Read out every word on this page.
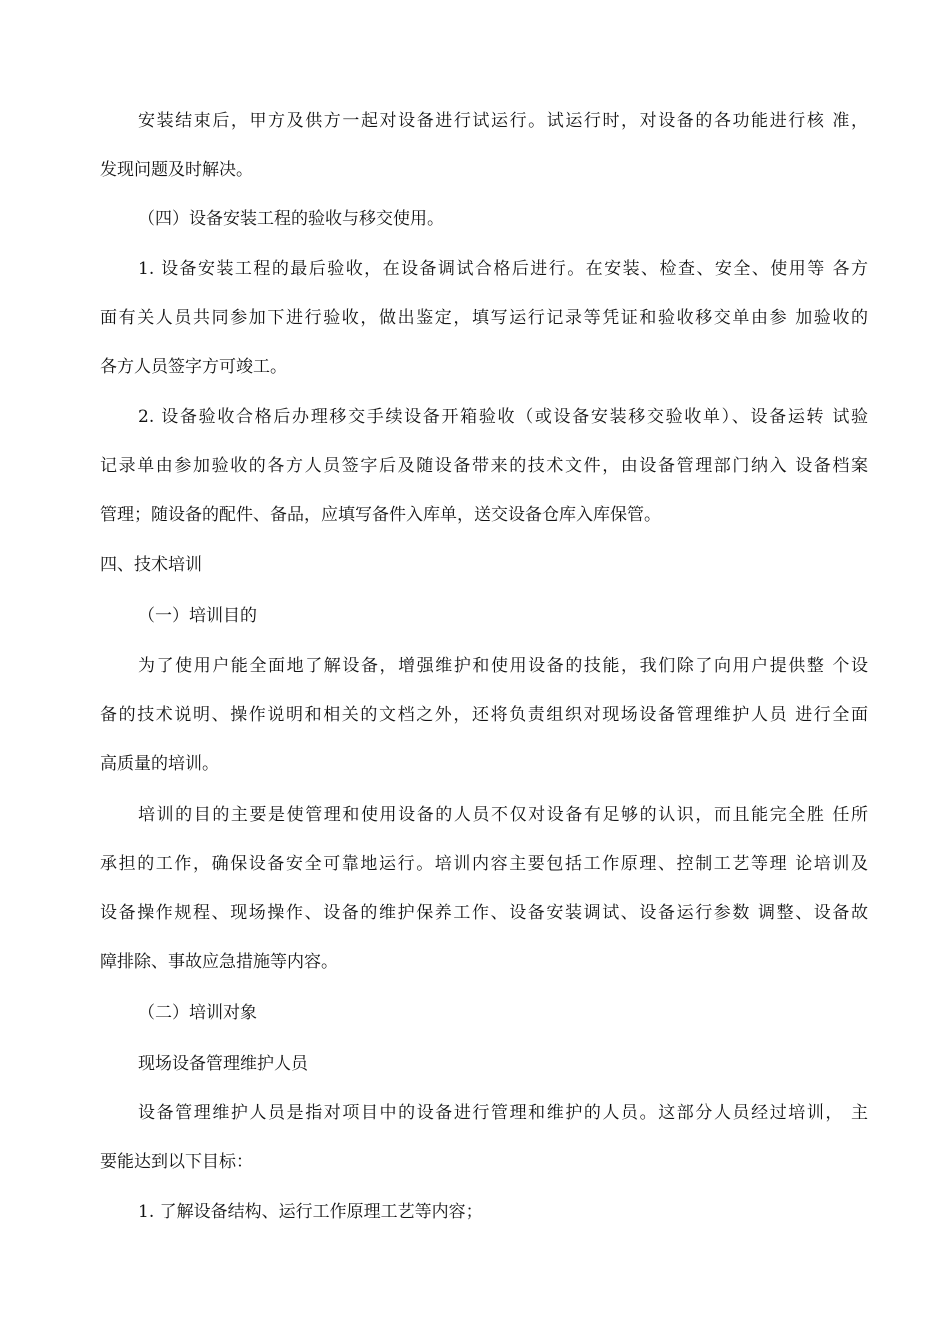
安装结束后，甲方及供方一起对设备进行试运行。试运行时，对设备的各功能进行核 准，
发现问题及时解决。

（四）设备安装工程的验收与移交使用。

1. 设备安装工程的最后验收，在设备调试合格后进行。在安装、检查、安全、使用等 各方
面有关人员共同参加下进行验收，做出鉴定，填写运行记录等凭证和验收移交单由参 加验收的
各方人员签字方可竣工。

2. 设备验收合格后办理移交手续设备开箱验收（或设备安装移交验收单）、设备运转 试验
记录单由参加验收的各方人员签字后及随设备带来的技术文件，由设备管理部门纳入 设备档案
管理；随设备的配件、备品，应填写备件入库单，送交设备仓库入库保管。

四、技术培训

（一）培训目的

为了使用户能全面地了解设备，增强维护和使用设备的技能，我们除了向用户提供整 个设
备的技术说明、操作说明和相关的文档之外，还将负责组织对现场设备管理维护人员 进行全面
高质量的培训。

培训的目的主要是使管理和使用设备的人员不仅对设备有足够的认识，而且能完全胜 任所
承担的工作，确保设备安全可靠地运行。培训内容主要包括工作原理、控制工艺等理 论培训及
设备操作规程、现场操作、设备的维护保养工作、设备安装调试、设备运行参数 调整、设备故
障排除、事故应急措施等内容。

（二）培训对象

现场设备管理维护人员

设备管理维护人员是指对项目中的设备进行管理和维护的人员。这部分人员经过培训， 主
要能达到以下目标：

1. 了解设备结构、运行工作原理工艺等内容；
